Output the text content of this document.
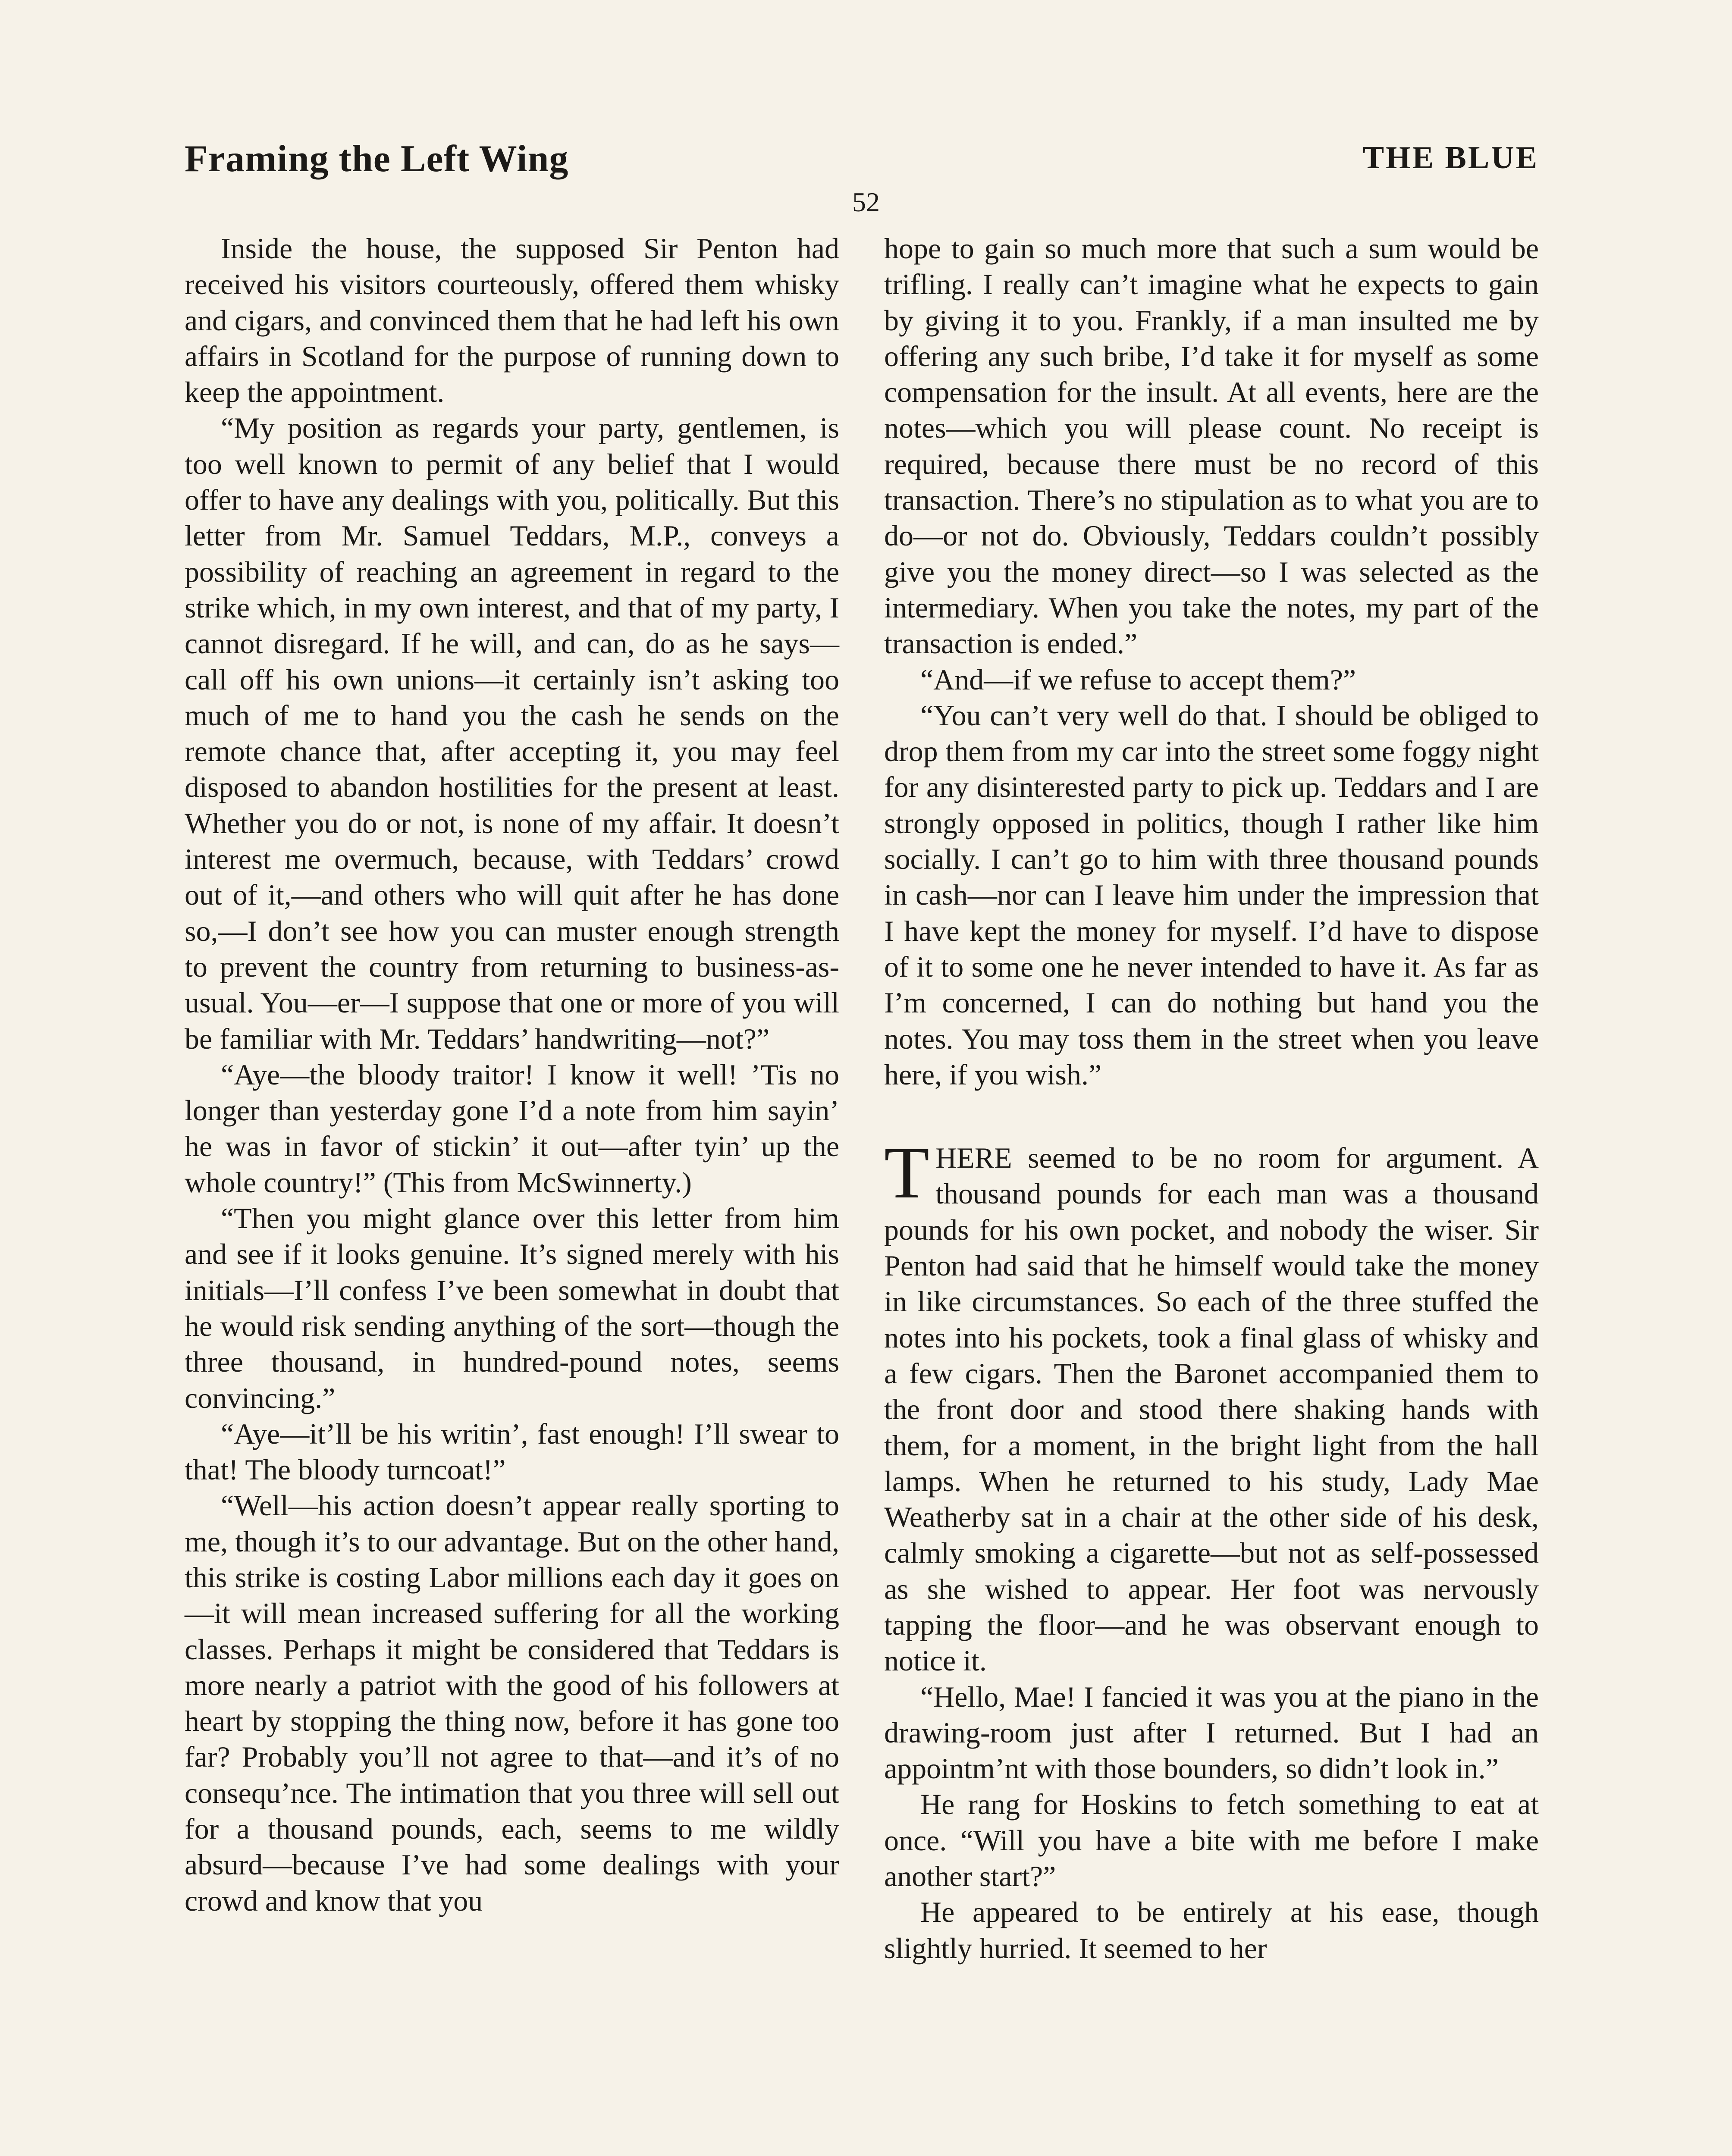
Framing the Left Wing	THE BLUE
52

Inside the house, the supposed Sir Penton had received his visitors courteously, offered them whisky and cigars, and convinced them that he had left his own affairs in Scotland for the purpose of running down to keep the appointment.

“My position as regards your party, gentlemen, is too well known to permit of any belief that I would offer to have any dealings with you, politically. But this letter from Mr. Samuel Teddars, M.P., conveys a possibility of reaching an agreement in regard to the strike which, in my own interest, and that of my party, I cannot disregard. If he will, and can, do as he says—call off his own unions—it certainly isn’t asking too much of me to hand you the cash he sends on the remote chance that, after accepting it, you may feel disposed to abandon hostilities for the present at least. Whether you do or not, is none of my affair. It doesn’t interest me overmuch, because, with Teddars’ crowd out of it,—and others who will quit after he has done so,—I don’t see how you can muster enough strength to prevent the country from returning to business-as-usual. You—er—I suppose that one or more of you will be familiar with Mr. Teddars’ handwriting—not?”

“Aye—the bloody traitor! I know it well! ’Tis no longer than yesterday gone I’d a note from him sayin’ he was in favor of stickin’ it out—after tyin’ up the whole country!” (This from McSwinnerty.)

“Then you might glance over this letter from him and see if it looks genuine. It’s signed merely with his initials—I’ll confess I’ve been somewhat in doubt that he would risk sending anything of the sort—though the three thousand, in hundred-pound notes, seems convincing.”

“Aye—it’ll be his writin’, fast enough! I’ll swear to that! The bloody turncoat!”

“Well—his action doesn’t appear really sporting to me, though it’s to our advantage. But on the other hand, this strike is costing Labor millions each day it goes on—it will mean increased suffering for all the working classes. Perhaps it might be considered that Teddars is more nearly a patriot with the good of his followers at heart by stopping the thing now, before it has gone too far? Probably you’ll not agree to that—and it’s of no consequ’nce. The intimation that you three will sell out for a thousand pounds, each, seems to me wildly absurd—because I’ve had some dealings with your crowd and know that you

hope to gain so much more that such a sum would be trifling. I really can’t imagine what he expects to gain by giving it to you. Frankly, if a man insulted me by offering any such bribe, I’d take it for myself as some compensation for the insult. At all events, here are the notes—which you will please count. No receipt is required, because there must be no record of this transaction. There’s no stipulation as to what you are to do—or not do. Obviously, Teddars couldn’t possibly give you the money direct—so I was selected as the intermediary. When you take the notes, my part of the transaction is ended.”

“And—if we refuse to accept them?”

“You can’t very well do that. I should be obliged to drop them from my car into the street some foggy night for any disinterested party to pick up. Teddars and I are strongly opposed in politics, though I rather like him socially. I can’t go to him with three thousand pounds in cash—nor can I leave him under the impression that I have kept the money for myself. I’d have to dispose of it to some one he never intended to have it. As far as I’m concerned, I can do nothing but hand you the notes. You may toss them in the street when you leave here, if you wish.”

THERE seemed to be no room for argument. A thousand pounds for each man was a thousand pounds for his own pocket, and nobody the wiser. Sir Penton had said that he himself would take the money in like circumstances. So each of the three stuffed the notes into his pockets, took a final glass of whisky and a few cigars. Then the Baronet accompanied them to the front door and stood there shaking hands with them, for a moment, in the bright light from the hall lamps. When he returned to his study, Lady Mae Weatherby sat in a chair at the other side of his desk, calmly smoking a cigarette—but not as self-possessed as she wished to appear. Her foot was nervously tapping the floor—and he was observant enough to notice it.

“Hello, Mae! I fancied it was you at the piano in the drawing-room just after I returned. But I had an appointm’nt with those bounders, so didn’t look in.”

He rang for Hoskins to fetch something to eat at once. “Will you have a bite with me before I make another start?”

He appeared to be entirely at his ease, though slightly hurried. It seemed to her
